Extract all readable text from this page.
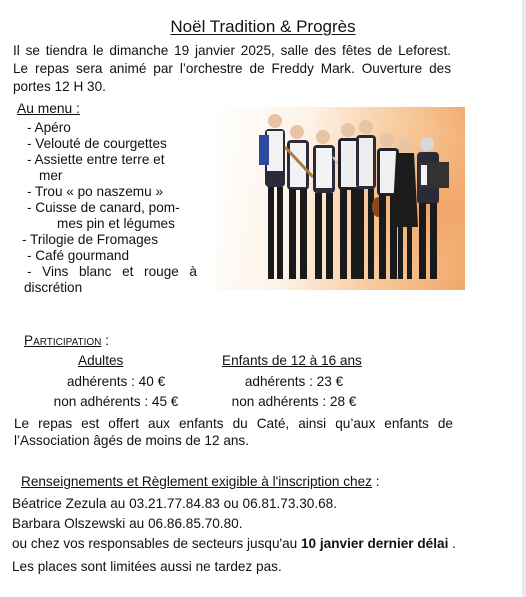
Noël Tradition & Progrès
Il se tiendra le dimanche 19 janvier 2025, salle des fêtes de Leforest.
Le repas sera animé par l’orchestre de Freddy Mark. Ouverture des
portes 12 H 30.
Au menu :
- Apéro
- Velouté de courgettes
- Assiette entre terre et
mer
- Trou « po naszemu »
- Cuisse de canard, pom-
mes pin et légumes
- Trilogie de Fromages
- Café gourmand
- Vins blanc et rouge à
discrétion
Participation :
Adultes
adhérents : 40 €
non adhérents : 45 €
Enfants de 12 à 16 ans
adhérents : 23 €
non adhérents : 28 €
Le repas est offert aux enfants du Caté, ainsi qu’aux enfants de
l’Association âgés de moins de 12 ans.
Renseignements et Règlement exigible à l'inscription chez :
Béatrice Zezula au 03.21.77.84.83 ou 06.81.73.30.68.
Barbara Olszewski au 06.86.85.70.80.
ou chez vos responsables de secteurs jusqu'au 10 janvier dernier délai .
Les places sont limitées aussi ne tardez pas.
